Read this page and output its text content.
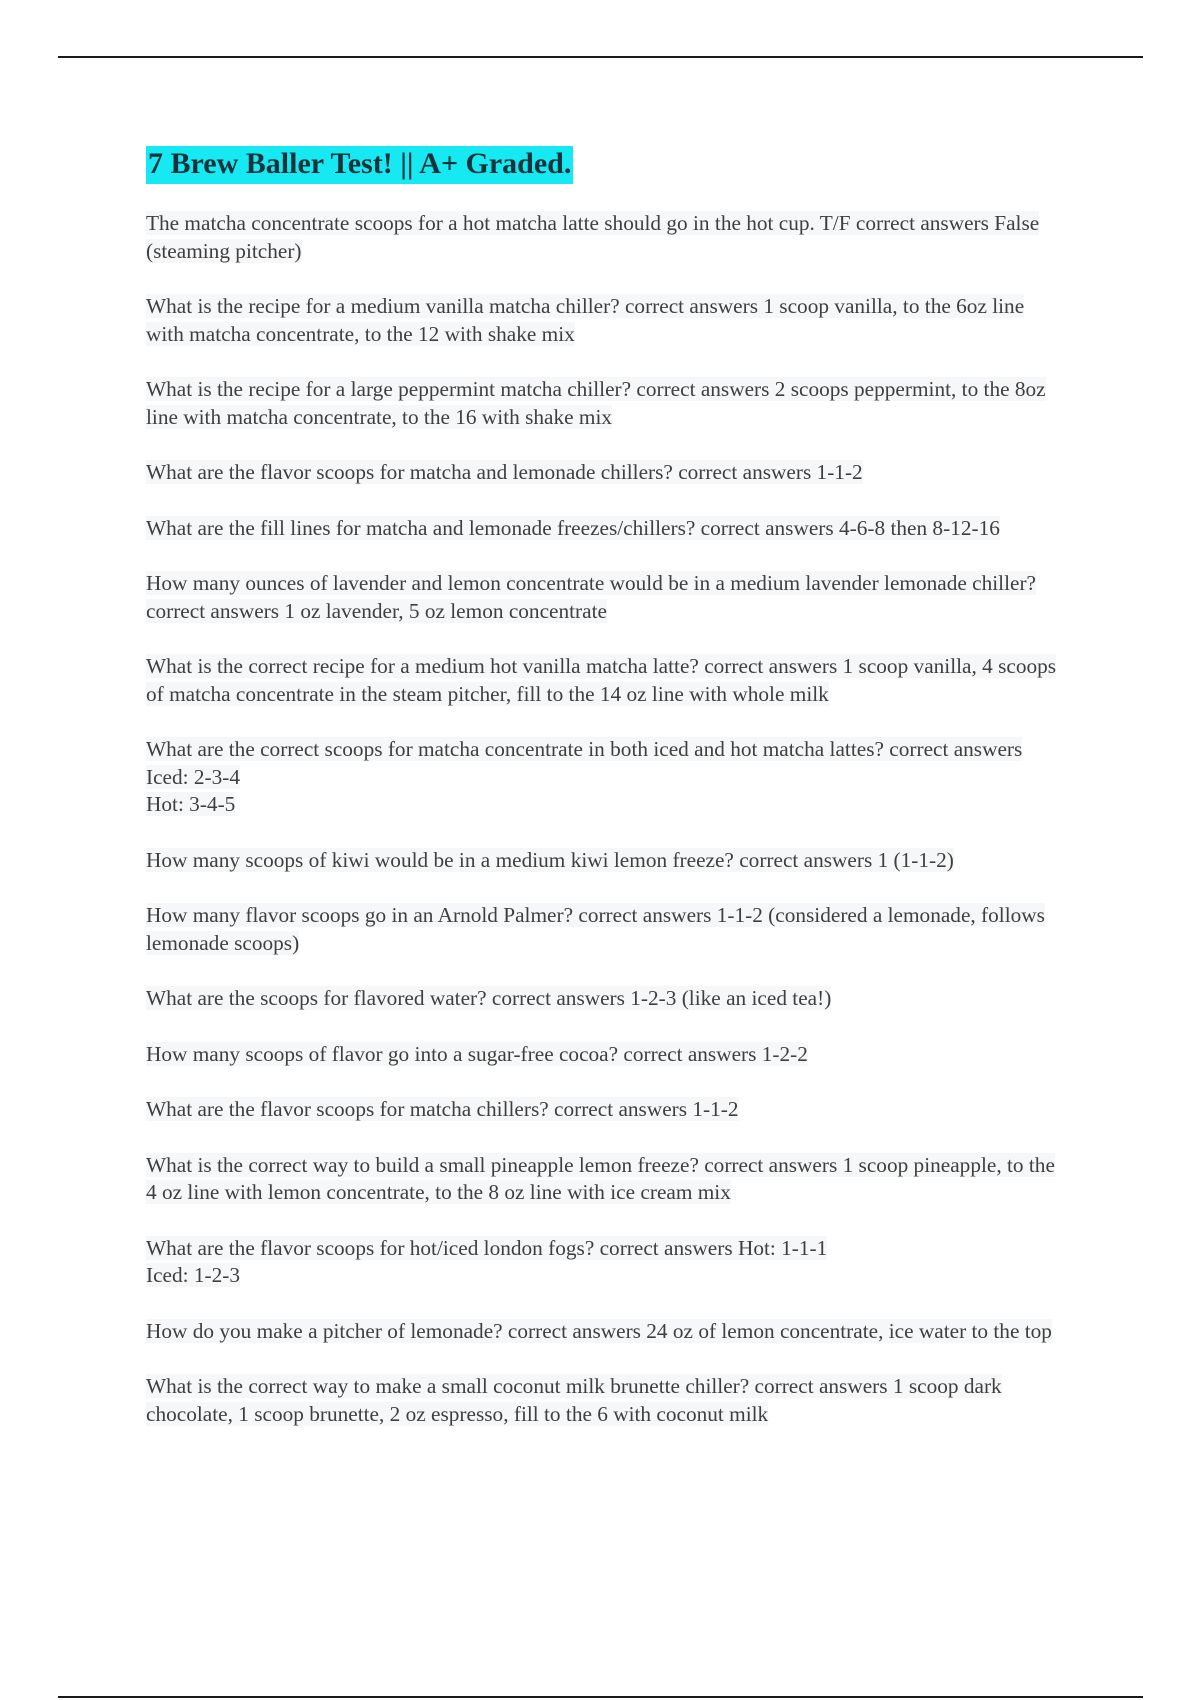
7 Brew Baller Test! || A+ Graded.

The matcha concentrate scoops for a hot matcha latte should go in the hot cup. T/F correct answers False (steaming pitcher)

What is the recipe for a medium vanilla matcha chiller? correct answers 1 scoop vanilla, to the 6oz line with matcha concentrate, to the 12 with shake mix

What is the recipe for a large peppermint matcha chiller? correct answers 2 scoops peppermint, to the 8oz line with matcha concentrate, to the 16 with shake mix

What are the flavor scoops for matcha and lemonade chillers? correct answers 1-1-2

What are the fill lines for matcha and lemonade freezes/chillers? correct answers 4-6-8 then 8-12-16

How many ounces of lavender and lemon concentrate would be in a medium lavender lemonade chiller? correct answers 1 oz lavender, 5 oz lemon concentrate

What is the correct recipe for a medium hot vanilla matcha latte? correct answers 1 scoop vanilla, 4 scoops of matcha concentrate in the steam pitcher, fill to the 14 oz line with whole milk

What are the correct scoops for matcha concentrate in both iced and hot matcha lattes? correct answers Iced: 2-3-4
Hot: 3-4-5

How many scoops of kiwi would be in a medium kiwi lemon freeze? correct answers 1 (1-1-2)

How many flavor scoops go in an Arnold Palmer? correct answers 1-1-2 (considered a lemonade, follows lemonade scoops)

What are the scoops for flavored water? correct answers 1-2-3 (like an iced tea!)

How many scoops of flavor go into a sugar-free cocoa? correct answers 1-2-2

What are the flavor scoops for matcha chillers? correct answers 1-1-2

What is the correct way to build a small pineapple lemon freeze? correct answers 1 scoop pineapple, to the 4 oz line with lemon concentrate, to the 8 oz line with ice cream mix

What are the flavor scoops for hot/iced london fogs? correct answers Hot: 1-1-1
Iced: 1-2-3

How do you make a pitcher of lemonade? correct answers 24 oz of lemon concentrate, ice water to the top

What is the correct way to make a small coconut milk brunette chiller? correct answers 1 scoop dark chocolate, 1 scoop brunette, 2 oz espresso, fill to the 6 with coconut milk
